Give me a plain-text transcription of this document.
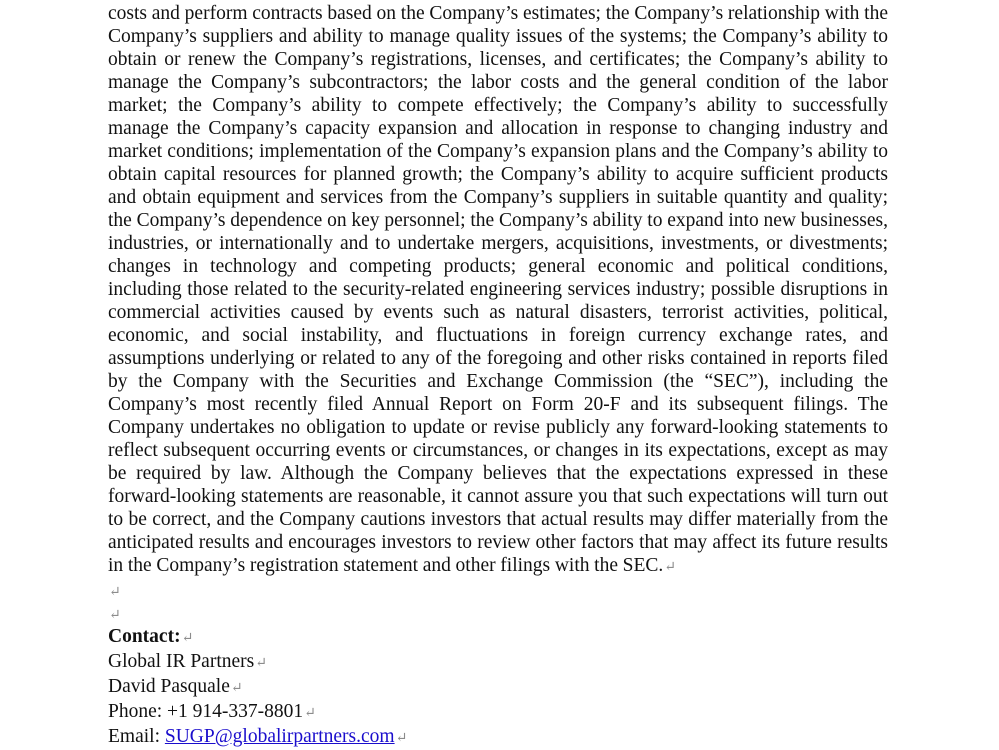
costs and perform contracts based on the Company’s estimates; the Company’s relationship with the Company’s suppliers and ability to manage quality issues of the systems; the Company’s ability to obtain or renew the Company’s registrations, licenses, and certificates; the Company’s ability to manage the Company’s subcontractors; the labor costs and the general condition of the labor market; the Company’s ability to compete effectively; the Company’s ability to successfully manage the Company’s capacity expansion and allocation in response to changing industry and market conditions; implementation of the Company’s expansion plans and the Company’s ability to obtain capital resources for planned growth; the Company’s ability to acquire sufficient products and obtain equipment and services from the Company’s suppliers in suitable quantity and quality; the Company’s dependence on key personnel; the Company’s ability to expand into new businesses, industries, or internationally and to undertake mergers, acquisitions, investments, or divestments; changes in technology and competing products; general economic and political conditions, including those related to the security-related engineering services industry; possible disruptions in commercial activities caused by events such as natural disasters, terrorist activities, political, economic, and social instability, and fluctuations in foreign currency exchange rates, and assumptions underlying or related to any of the foregoing and other risks contained in reports filed by the Company with the Securities and Exchange Commission (the “SEC”), including the Company’s most recently filed Annual Report on Form 20-F and its subsequent filings. The Company undertakes no obligation to update or revise publicly any forward-looking statements to reflect subsequent occurring events or circumstances, or changes in its expectations, except as may be required by law. Although the Company believes that the expectations expressed in these forward-looking statements are reasonable, it cannot assure you that such expectations will turn out to be correct, and the Company cautions investors that actual results may differ materially from the anticipated results and encourages investors to review other factors that may affect its future results in the Company’s registration statement and other filings with the SEC.↵

↵
↵
Contact:↵
Global IR Partners↵
David Pasquale↵
Phone: +1 914-337-8801↵
Email: SUGP@globalirpartners.com↵
